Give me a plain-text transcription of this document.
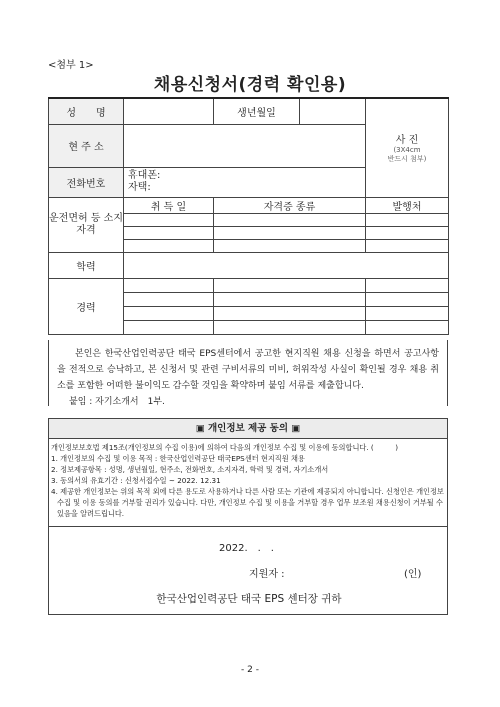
<첨부 1>
채용신청서(경력 확인용)
성　　명		생년월일		사 진
(3X4cm
반드시 첨부)

현 주 소				
전화번호	휴대폰:
자택:			

운전면허 등 소지자격	취 득 일	자격증 종류		발행처

학력				
경력				

본인은 한국산업인력공단 태국 EPS센터에서 공고한 현지직원 채용 신청을 하면서 공고사항을 전적으로 승낙하고, 본 신청서 및 관련 구비서류의 미비, 허위작성 사실이 확인될 경우 채용 취소를 포함한 어떠한 불이익도 감수할 것임을 확약하며 붙임 서류를 제출합니다.

붙임 : 자기소개서　1부.

▣ 개인정보 제공 동의 ▣
개인정보보호법 제15조(개인정보의 수집 이용)에 의하여 다음의 개인정보 수집 및 이용에 동의합니다. (　　　)
1. 개인정보의 수집 및 이용 목적 : 한국산업인력공단 태국EPS센터 현지직원 채용
2. 정보제공항목 : 성명, 생년월일, 현주소, 전화번호, 소지자격, 학력 및 경력, 자기소개서
3. 동의서의 유효기간 : 신청서접수일 ~ 2022. 12.31
4. 제공한 개인정보는 위의 목적 외에 다른 용도로 사용하거나 다른 사람 또는 기관에 제공되지 아니합니다. 신청인은 개인정보 수집 및 이용 동의를 거부할 권리가 있습니다. 다만, 개인정보 수집 및 이용을 거부할 경우 업무 보조원 채용신청이 거부될 수 있음을 알려드립니다.
2022.　.　.
지원자 :	(인)
한국산업인력공단 태국 EPS 센터장 귀하
- 2 -
